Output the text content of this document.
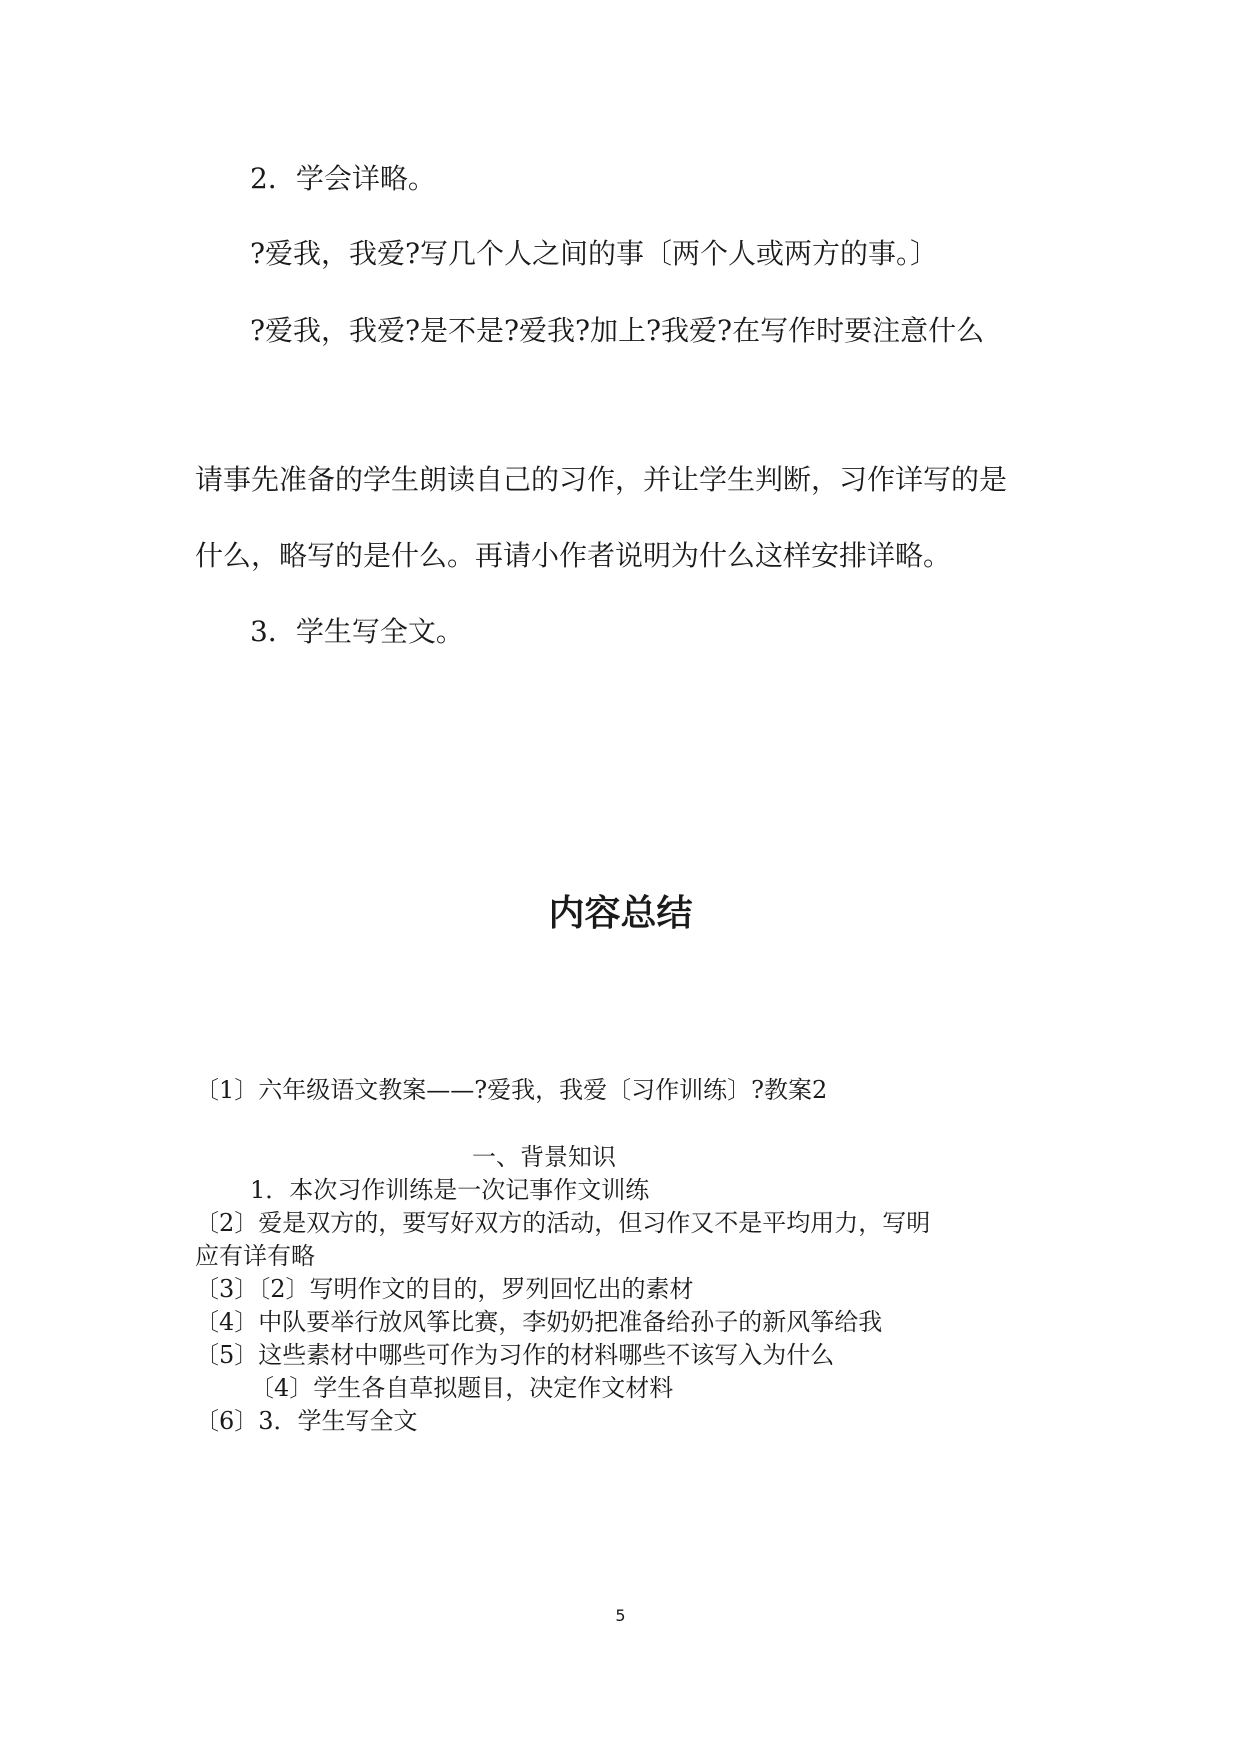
2．学会详略。
?爱我，我爱?写几个人之间的事〔两个人或两方的事。〕
?爱我，我爱?是不是?爱我?加上?我爱?在写作时要注意什么
请事先准备的学生朗读自己的习作，并让学生判断，习作详写的是
什么，略写的是什么。再请小作者说明为什么这样安排详略。
3．学生写全文。
内容总结
〔1〕六年级语文教案——?爱我，我爱〔习作训练〕?教案2
一、背景知识
1．本次习作训练是一次记事作文训练
〔2〕爱是双方的，要写好双方的活动，但习作又不是平均用力，写明
应有详有略
〔3〕〔2〕写明作文的目的，罗列回忆出的素材
〔4〕中队要举行放风筝比赛，李奶奶把准备给孙子的新风筝给我
〔5〕这些素材中哪些可作为习作的材料哪些不该写入为什么
〔4〕学生各自草拟题目，决定作文材料
〔6〕3．学生写全文
5
